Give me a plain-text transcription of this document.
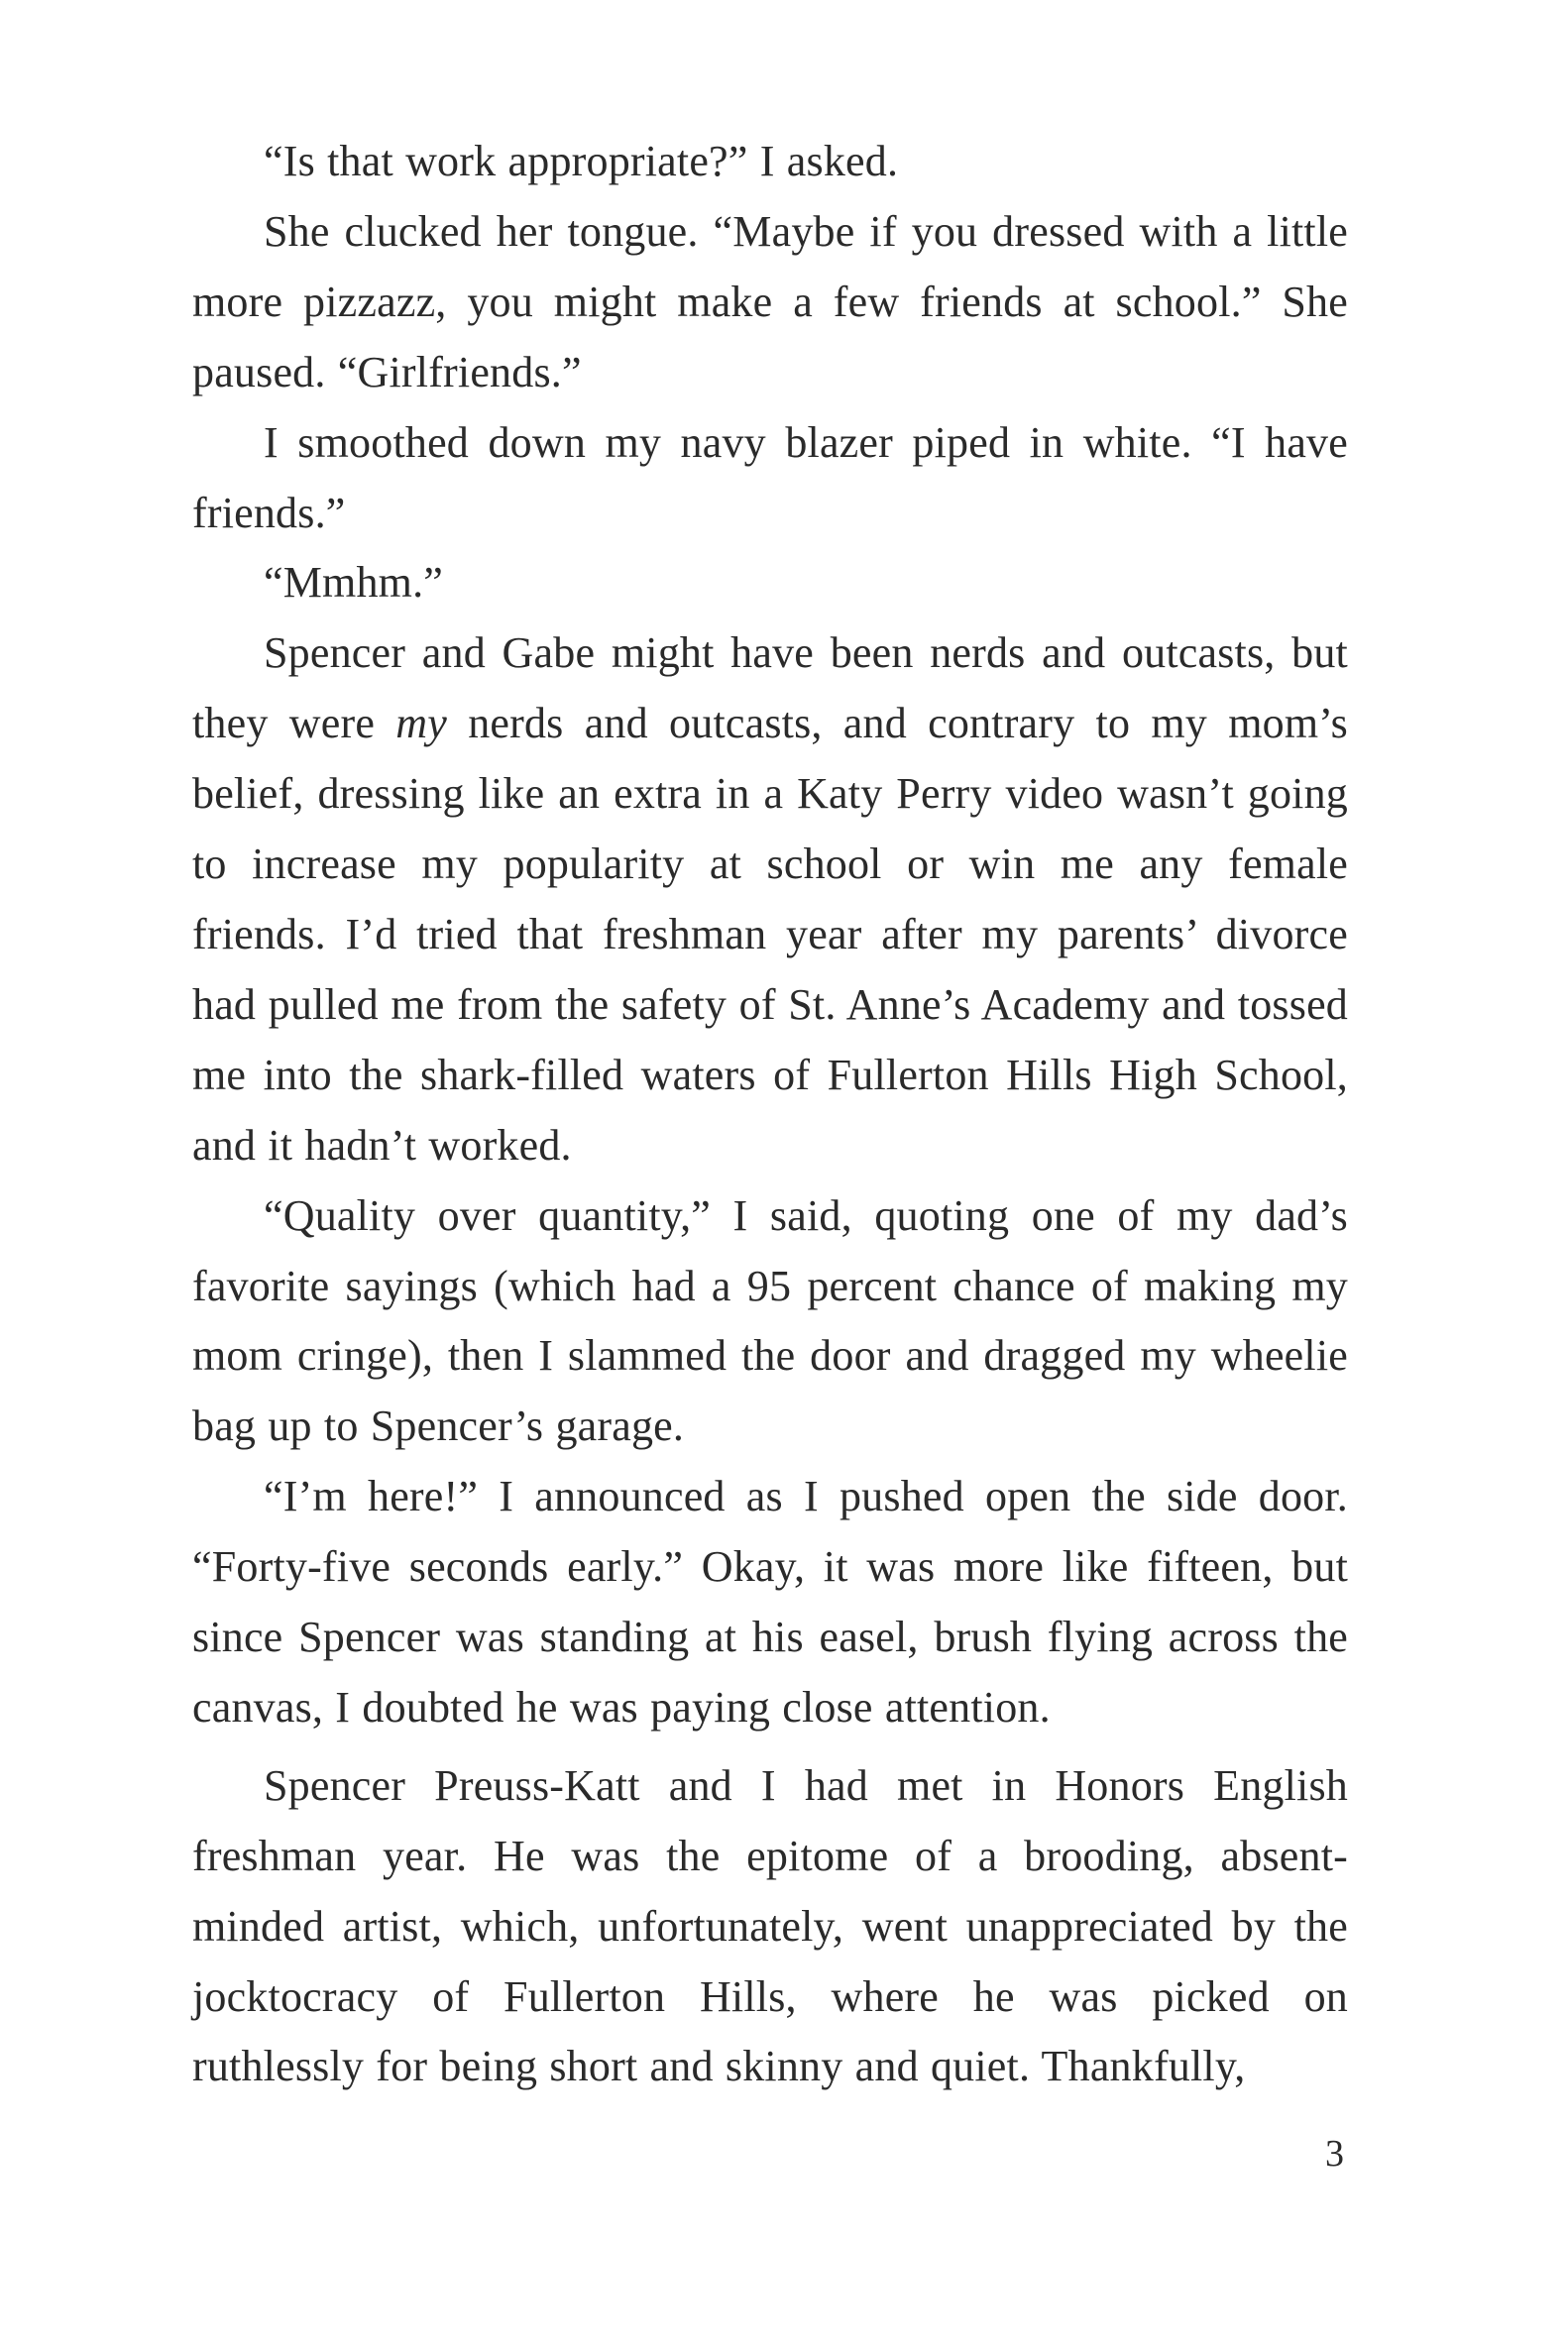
“Is that work appropriate?” I asked.

She clucked her tongue. “Maybe if you dressed with a little more pizzazz, you might make a few friends at school.” She paused. “Girlfriends.”

I smoothed down my navy blazer piped in white. “I have friends.”

“Mmhm.”

Spencer and Gabe might have been nerds and outcasts, but they were my nerds and outcasts, and contrary to my mom’s belief, dressing like an extra in a Katy Perry video wasn’t going to increase my popularity at school or win me any female friends. I’d tried that freshman year after my parents’ divorce had pulled me from the safety of St. Anne’s Academy and tossed me into the shark-filled waters of Fullerton Hills High School, and it hadn’t worked.

“Quality over quantity,” I said, quoting one of my dad’s favorite sayings (which had a 95 percent chance of making my mom cringe), then I slammed the door and dragged my wheelie bag up to Spencer’s garage.

“I’m here!” I announced as I pushed open the side door. “Forty-five seconds early.” Okay, it was more like fifteen, but since Spencer was standing at his easel, brush flying across the canvas, I doubted he was paying close attention.

Spencer Preuss-Katt and I had met in Honors English freshman year. He was the epitome of a brooding, absent-minded artist, which, unfortunately, went unappreciated by the jocktocracy of Fullerton Hills, where he was picked on ruthlessly for being short and skinny and quiet. Thankfully,

3
